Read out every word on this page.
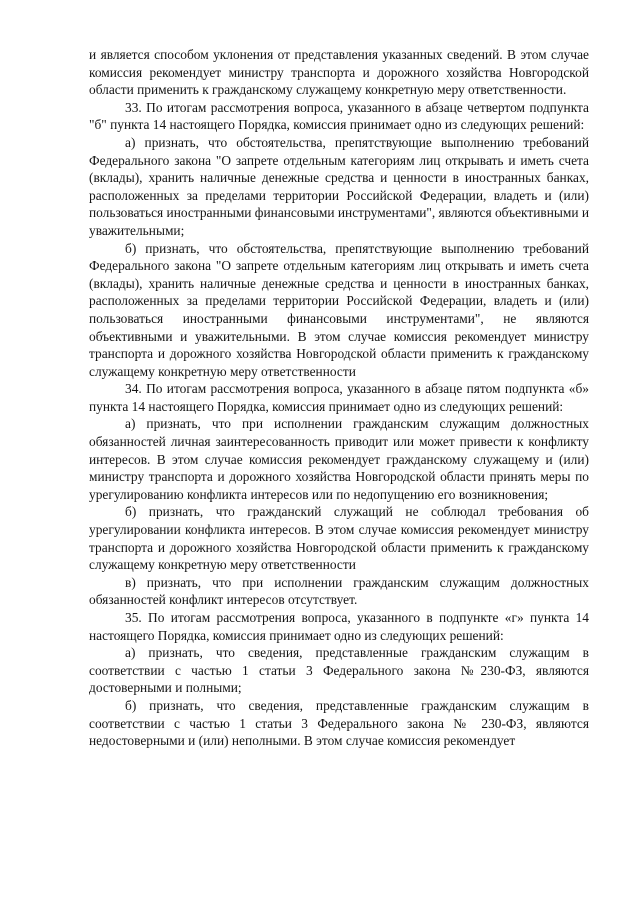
и является способом уклонения от представления указанных сведений. В этом случае комиссия рекомендует министру транспорта и дорожного хозяйства Новгородской области применить к гражданскому служащему конкретную меру ответственности.

33. По итогам рассмотрения вопроса, указанного в абзаце четвертом подпункта "б" пункта 14 настоящего Порядка, комиссия принимает одно из следующих решений:

а) признать, что обстоятельства, препятствующие выполнению требований Федерального закона "О запрете отдельным категориям лиц открывать и иметь счета (вклады), хранить наличные денежные средства и ценности в иностранных банках, расположенных за пределами территории Российской Федерации, владеть и (или) пользоваться иностранными финансовыми инструментами", являются объективными и уважительными;

б) признать, что обстоятельства, препятствующие выполнению требований Федерального закона "О запрете отдельным категориям лиц открывать и иметь счета (вклады), хранить наличные денежные средства и ценности в иностранных банках, расположенных за пределами территории Российской Федерации, владеть и (или) пользоваться иностранными финансовыми инструментами", не являются объективными и уважительными. В этом случае комиссия рекомендует министру транспорта и дорожного хозяйства Новгородской области применить к гражданскому служащему конкретную меру ответственности

34. По итогам рассмотрения вопроса, указанного в абзаце пятом подпункта «б» пункта 14 настоящего Порядка, комиссия принимает одно из следующих решений:

а) признать, что при исполнении гражданским служащим должностных обязанностей личная заинтересованность приводит или может привести к конфликту интересов. В этом случае комиссия рекомендует гражданскому служащему и (или) министру транспорта и дорожного хозяйства Новгородской области принять меры по урегулированию конфликта интересов или по недопущению его возникновения;

б) признать, что гражданский служащий не соблюдал требования об урегулировании конфликта интересов. В этом случае комиссия рекомендует министру транспорта и дорожного хозяйства Новгородской области применить к гражданскому служащему конкретную меру ответственности

в) признать, что при исполнении гражданским служащим должностных обязанностей конфликт интересов отсутствует.

35. По итогам рассмотрения вопроса, указанного в подпункте «г» пункта 14 настоящего Порядка, комиссия принимает одно из следующих решений:

а) признать, что сведения, представленные гражданским служащим в соответствии с частью 1 статьи 3 Федерального закона №230-ФЗ, являются достоверными и полными;

б) признать, что сведения, представленные гражданским служащим в соответствии с частью 1 статьи 3 Федерального закона № 230-ФЗ, являются недостоверными и (или) неполными. В этом случае комиссия рекомендует
